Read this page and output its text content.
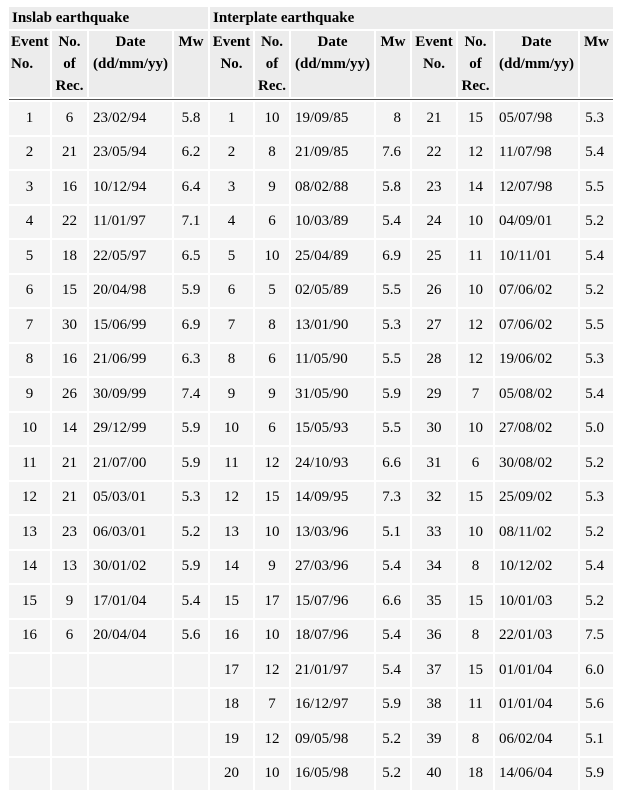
Inslab earthquake				Interplate earthquake							
Event No.	No. of Rec.	Date (dd/mm/yy)	Mw	Event No.	No. of Rec.	Date (dd/mm/yy)	Mw	Event No.	No. of Rec.	Date (dd/mm/yy)	Mw

1	6	23/02/94	5.8	1	10	19/09/85	8	21	15	05/07/98	5.3
2	21	23/05/94	6.2	2	8	21/09/85	7.6	22	12	11/07/98	5.4
3	16	10/12/94	6.4	3	9	08/02/88	5.8	23	14	12/07/98	5.5
4	22	11/01/97	7.1	4	6	10/03/89	5.4	24	10	04/09/01	5.2
5	18	22/05/97	6.5	5	10	25/04/89	6.9	25	11	10/11/01	5.4
6	15	20/04/98	5.9	6	5	02/05/89	5.5	26	10	07/06/02	5.2
7	30	15/06/99	6.9	7	8	13/01/90	5.3	27	12	07/06/02	5.5
8	16	21/06/99	6.3	8	6	11/05/90	5.5	28	12	19/06/02	5.3
9	26	30/09/99	7.4	9	9	31/05/90	5.9	29	7	05/08/02	5.4
10	14	29/12/99	5.9	10	6	15/05/93	5.5	30	10	27/08/02	5.0
11	21	21/07/00	5.9	11	12	24/10/93	6.6	31	6	30/08/02	5.2
12	21	05/03/01	5.3	12	15	14/09/95	7.3	32	15	25/09/02	5.3
13	23	06/03/01	5.2	13	10	13/03/96	5.1	33	10	08/11/02	5.2
14	13	30/01/02	5.9	14	9	27/03/96	5.4	34	8	10/12/02	5.4
15	9	17/01/04	5.4	15	17	15/07/96	6.6	35	15	10/01/03	5.2
16	6	20/04/04	5.6	16	10	18/07/96	5.4	36	8	22/01/03	7.5
				17	12	21/01/97	5.4	37	15	01/01/04	6.0
				18	7	16/12/97	5.9	38	11	01/01/04	5.6
				19	12	09/05/98	5.2	39	8	06/02/04	5.1
				20	10	16/05/98	5.2	40	18	14/06/04	5.9
